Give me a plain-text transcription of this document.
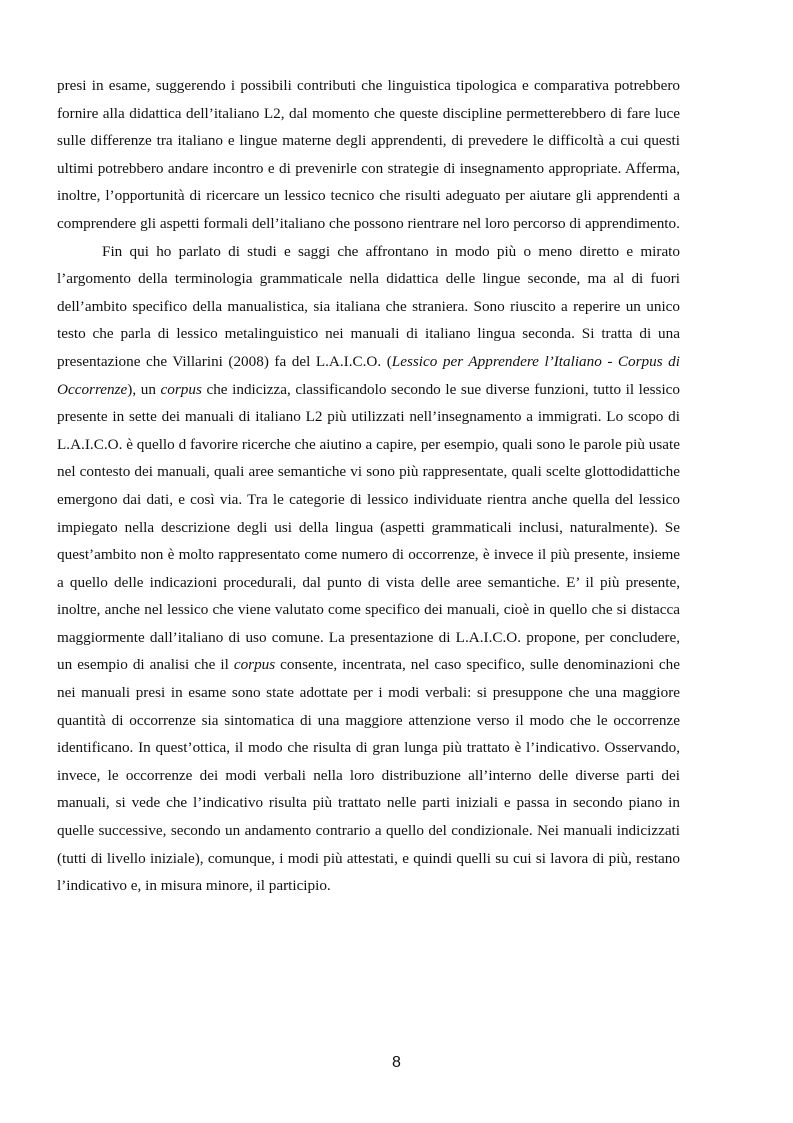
presi in esame, suggerendo i possibili contributi che linguistica tipologica e comparativa potrebbero fornire alla didattica dell’italiano L2, dal momento che queste discipline permetterebbero di fare luce sulle differenze tra italiano e lingue materne degli apprendenti, di prevedere le difficoltà a cui questi ultimi potrebbero andare incontro e di prevenirle con strategie di insegnamento appropriate. Afferma, inoltre, l’opportunità di ricercare un lessico tecnico che risulti adeguato per aiutare gli apprendenti a comprendere gli aspetti formali dell’italiano che possono rientrare nel loro percorso di apprendimento.

Fin qui ho parlato di studi e saggi che affrontano in modo più o meno diretto e mirato l’argomento della terminologia grammaticale nella didattica delle lingue seconde, ma al di fuori dell’ambito specifico della manualistica, sia italiana che straniera. Sono riuscito a reperire un unico testo che parla di lessico metalinguistico nei manuali di italiano lingua seconda. Si tratta di una presentazione che Villarini (2008) fa del L.A.I.C.O. (Lessico per Apprendere l’Italiano - Corpus di Occorrenze), un corpus che indicizza, classificandolo secondo le sue diverse funzioni, tutto il lessico presente in sette dei manuali di italiano L2 più utilizzati nell’insegnamento a immigrati. Lo scopo di L.A.I.C.O. è quello d favorire ricerche che aiutino a capire, per esempio, quali sono le parole più usate nel contesto dei manuali, quali aree semantiche vi sono più rappresentate, quali scelte glottodidattiche emergono dai dati, e così via. Tra le categorie di lessico individuate rientra anche quella del lessico impiegato nella descrizione degli usi della lingua (aspetti grammaticali inclusi, naturalmente). Se quest’ambito non è molto rappresentato come numero di occorrenze, è invece il più presente, insieme a quello delle indicazioni procedurali, dal punto di vista delle aree semantiche. E’ il più presente, inoltre, anche nel lessico che viene valutato come specifico dei manuali, cioè in quello che si distacca maggiormente dall’italiano di uso comune. La presentazione di L.A.I.C.O. propone, per concludere, un esempio di analisi che il corpus consente, incentrata, nel caso specifico, sulle denominazioni che nei manuali presi in esame sono state adottate per i modi verbali: si presuppone che una maggiore quantità di occorrenze sia sintomatica di una maggiore attenzione verso il modo che le occorrenze identificano. In quest’ottica, il modo che risulta di gran lunga più trattato è l’indicativo. Osservando, invece, le occorrenze dei modi verbali nella loro distribuzione all’interno delle diverse parti dei manuali, si vede che l’indicativo risulta più trattato nelle parti iniziali e passa in secondo piano in quelle successive, secondo un andamento contrario a quello del condizionale. Nei manuali indicizzati (tutti di livello iniziale), comunque, i modi più attestati, e quindi quelli su cui si lavora di più, restano l’indicativo e, in misura minore, il participio.

8
